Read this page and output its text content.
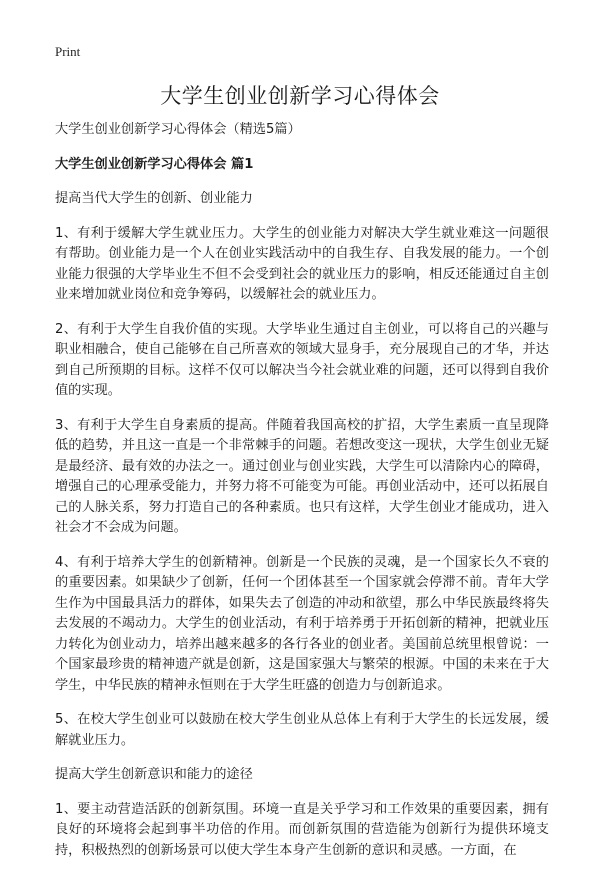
Print
大学生创业创新学习心得体会

大学生创业创新学习心得体会（精选5篇）

大学生创业创新学习心得体会 篇1

提高当代大学生的创新、创业能力

1、有利于缓解大学生就业压力。大学生的创业能力对解决大学生就业难这一问题很有帮助。创业能力是一个人在创业实践活动中的自我生存、自我发展的能力。一个创业能力很强的大学毕业生不但不会受到社会的就业压力的影响，相反还能通过自主创业来增加就业岗位和竞争筹码，以缓解社会的就业压力。

2、有利于大学生自我价值的实现。大学毕业生通过自主创业，可以将自己的兴趣与职业相融合，使自己能够在自己所喜欢的领域大显身手，充分展现自己的才华，并达到自己所预期的目标。这样不仅可以解决当今社会就业难的问题，还可以得到自我价值的实现。

3、有利于大学生自身素质的提高。伴随着我国高校的扩招，大学生素质一直呈现降低的趋势，并且这一直是一个非常棘手的问题。若想改变这一现状，大学生创业无疑是最经济、最有效的办法之一。通过创业与创业实践，大学生可以清除内心的障碍，增强自己的心理承受能力，并努力将不可能变为可能。再创业活动中，还可以拓展自己的人脉关系，努力打造自己的各种素质。也只有这样，大学生创业才能成功，进入社会才不会成为问题。

4、有利于培养大学生的创新精神。创新是一个民族的灵魂，是一个国家长久不衰的的重要因素。如果缺少了创新，任何一个团体甚至一个国家就会停滞不前。青年大学生作为中国最具活力的群体，如果失去了创造的冲动和欲望，那么中华民族最终将失去发展的不竭动力。大学生的创业活动，有利于培养勇于开拓创新的精神，把就业压力转化为创业动力，培养出越来越多的各行各业的创业者。美国前总统里根曾说：一个国家最珍贵的精神遗产就是创新，这是国家强大与繁荣的根源。中国的未来在于大学生，中华民族的精神永恒则在于大学生旺盛的创造力与创新追求。

5、在校大学生创业可以鼓励在校大学生创业从总体上有利于大学生的长远发展，缓解就业压力。

提高大学生创新意识和能力的途径

1、要主动营造活跃的创新氛围。环境一直是关乎学习和工作效果的重要因素，拥有良好的环境将会起到事半功倍的作用。而创新氛围的营造能为创新行为提供环境支持，积极热烈的创新场景可以使大学生本身产生创新的意识和灵感。一方面，在
